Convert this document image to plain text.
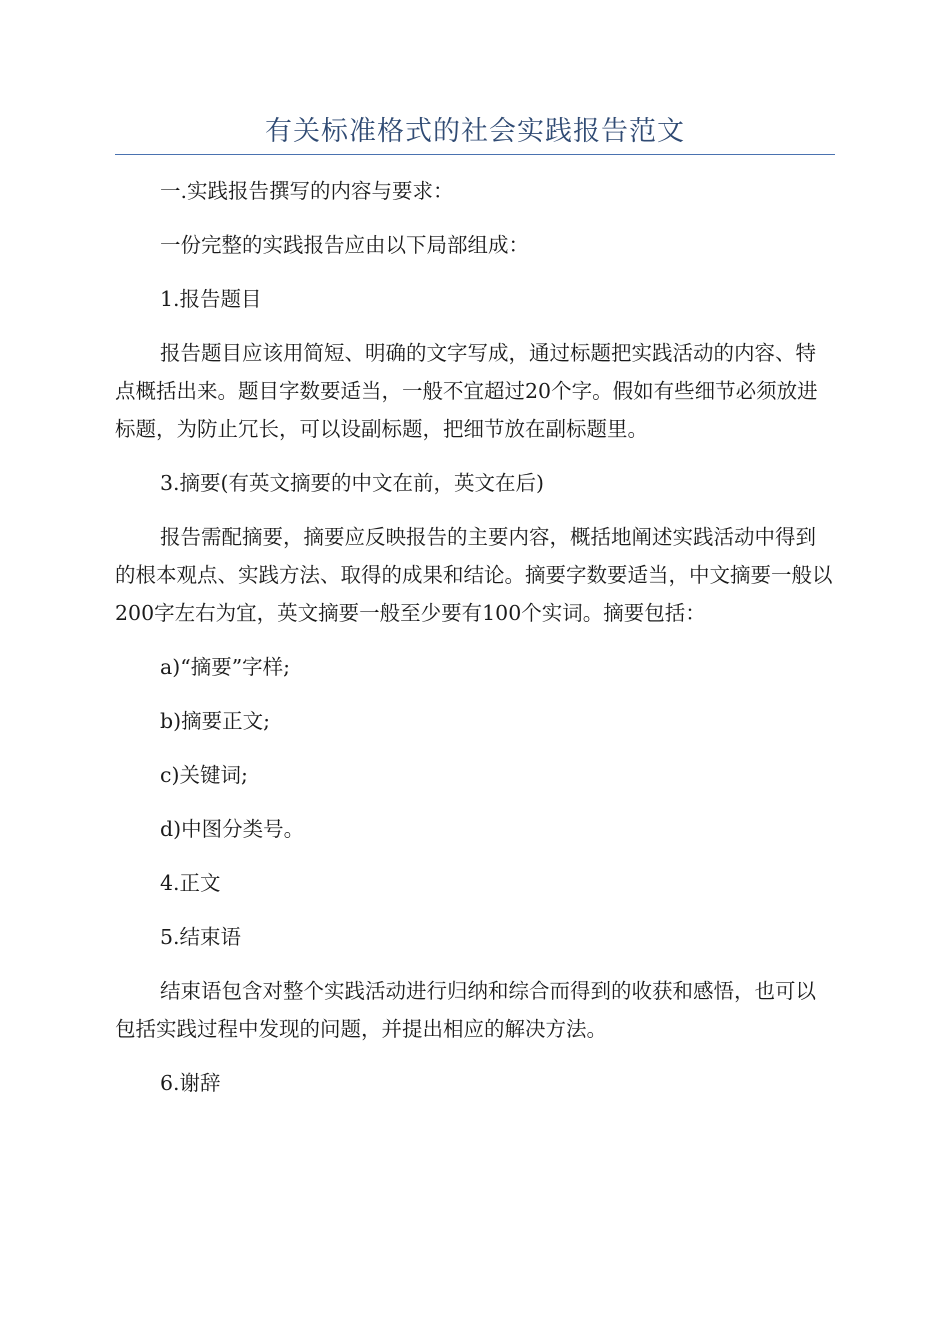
有关标准格式的社会实践报告范文

一.实践报告撰写的内容与要求：

一份完整的实践报告应由以下局部组成：

1.报告题目

报告题目应该用简短、明确的文字写成，通过标题把实践活动的内容、特点概括出来。题目字数要适当，一般不宜超过20个字。假如有些细节必须放进标题，为防止冗长，可以设副标题，把细节放在副标题里。

3.摘要(有英文摘要的中文在前，英文在后)

报告需配摘要，摘要应反映报告的主要内容，概括地阐述实践活动中得到的根本观点、实践方法、取得的成果和结论。摘要字数要适当，中文摘要一般以200字左右为宜，英文摘要一般至少要有100个实词。摘要包括：

a)“摘要”字样;

b)摘要正文;

c)关键词;

d)中图分类号。

4.正文

5.结束语

结束语包含对整个实践活动进行归纳和综合而得到的收获和感悟，也可以包括实践过程中发现的问题，并提出相应的解决方法。

6.谢辞
